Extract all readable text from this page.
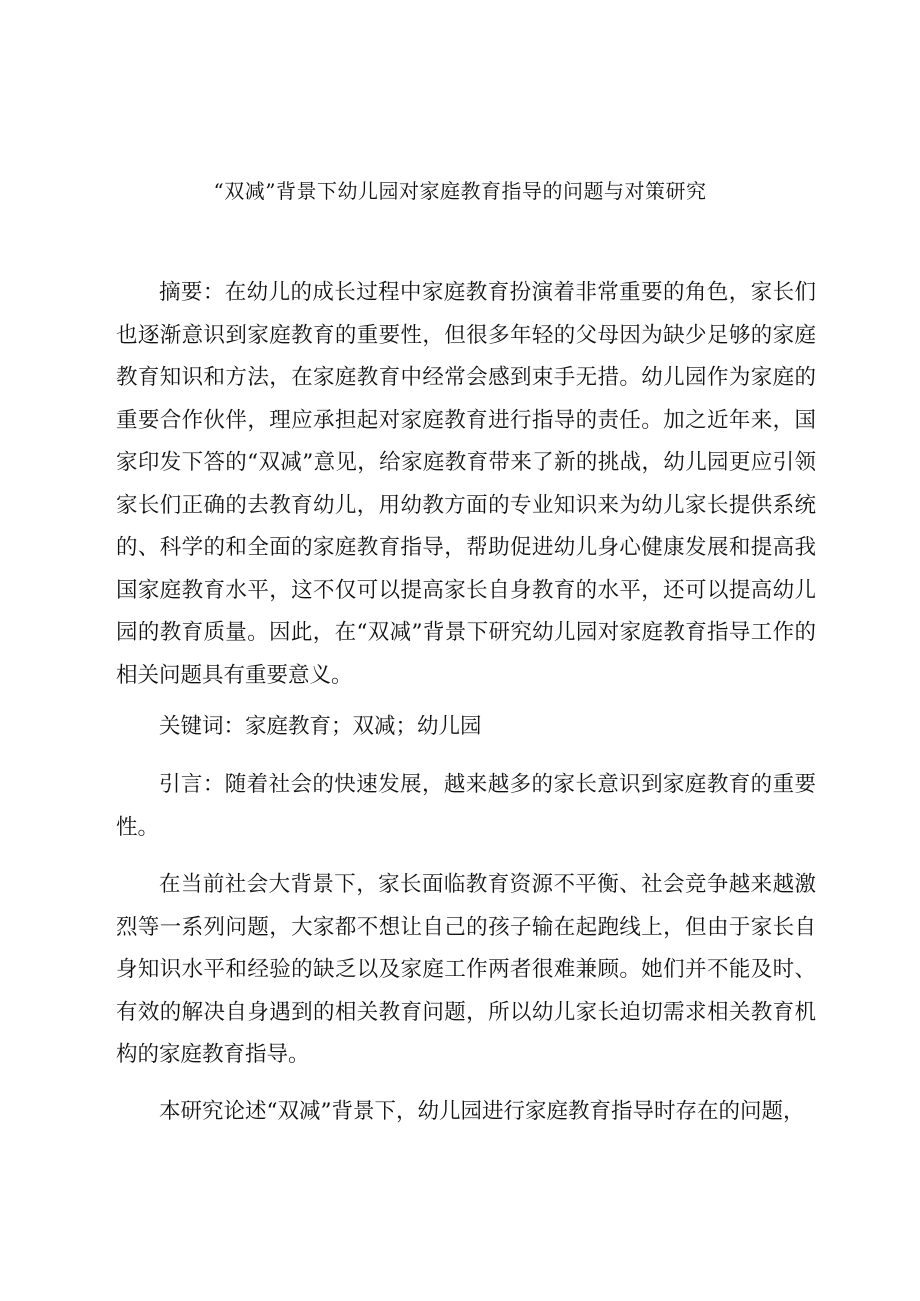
“双减”背景下幼儿园对家庭教育指导的问题与对策研究

摘要：在幼儿的成长过程中家庭教育扮演着非常重要的角色，家长们也逐渐意识到家庭教育的重要性，但很多年轻的父母因为缺少足够的家庭教育知识和方法，在家庭教育中经常会感到束手无措。幼儿园作为家庭的重要合作伙伴，理应承担起对家庭教育进行指导的责任。加之近年来，国家印发下答的“双减”意见，给家庭教育带来了新的挑战，幼儿园更应引领家长们正确的去教育幼儿，用幼教方面的专业知识来为幼儿家长提供系统的、科学的和全面的家庭教育指导，帮助促进幼儿身心健康发展和提高我国家庭教育水平，这不仅可以提高家长自身教育的水平，还可以提高幼儿园的教育质量。因此，在“双减”背景下研究幼儿园对家庭教育指导工作的相关问题具有重要意义。

关键词：家庭教育；双减；幼儿园

引言：随着社会的快速发展，越来越多的家长意识到家庭教育的重要性。

在当前社会大背景下，家长面临教育资源不平衡、社会竞争越来越激烈等一系列问题，大家都不想让自己的孩子输在起跑线上，但由于家长自身知识水平和经验的缺乏以及家庭工作两者很难兼顾。她们并不能及时、有效的解决自身遇到的相关教育问题，所以幼儿家长迫切需求相关教育机构的家庭教育指导。

本研究论述“双减”背景下，幼儿园进行家庭教育指导时存在的问题，
